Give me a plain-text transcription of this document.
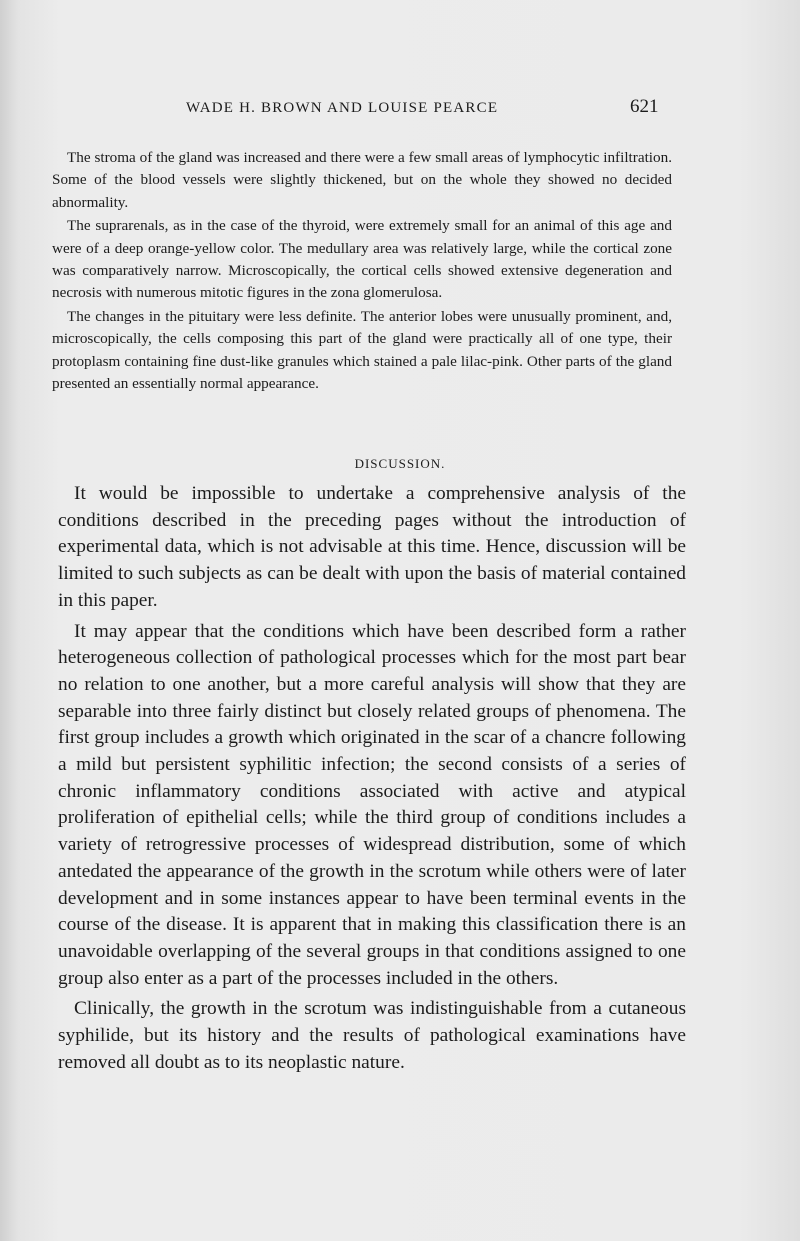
WADE H. BROWN AND LOUISE PEARCE	621

The stroma of the gland was increased and there were a few small areas of lymphocytic infiltration. Some of the blood vessels were slightly thickened, but on the whole they showed no decided abnormality.

The suprarenals, as in the case of the thyroid, were extremely small for an animal of this age and were of a deep orange-yellow color. The medullary area was relatively large, while the cortical zone was comparatively narrow. Microscopically, the cortical cells showed extensive degeneration and necrosis with numerous mitotic figures in the zona glomerulosa.

The changes in the pituitary were less definite. The anterior lobes were unusually prominent, and, microscopically, the cells composing this part of the gland were practically all of one type, their protoplasm containing fine dust-like granules which stained a pale lilac-pink. Other parts of the gland presented an essentially normal appearance.

DISCUSSION.

It would be impossible to undertake a comprehensive analysis of the conditions described in the preceding pages without the introduction of experimental data, which is not advisable at this time. Hence, discussion will be limited to such subjects as can be dealt with upon the basis of material contained in this paper.

It may appear that the conditions which have been described form a rather heterogeneous collection of pathological processes which for the most part bear no relation to one another, but a more careful analysis will show that they are separable into three fairly distinct but closely related groups of phenomena. The first group includes a growth which originated in the scar of a chancre following a mild but persistent syphilitic infection; the second consists of a series of chronic inflammatory conditions associated with active and atypical proliferation of epithelial cells; while the third group of conditions includes a variety of retrogressive processes of widespread distribution, some of which antedated the appearance of the growth in the scrotum while others were of later development and in some instances appear to have been terminal events in the course of the disease. It is apparent that in making this classification there is an unavoidable overlapping of the several groups in that conditions assigned to one group also enter as a part of the processes included in the others.

Clinically, the growth in the scrotum was indistinguishable from a cutaneous syphilide, but its history and the results of pathological examinations have removed all doubt as to its neoplastic nature.
